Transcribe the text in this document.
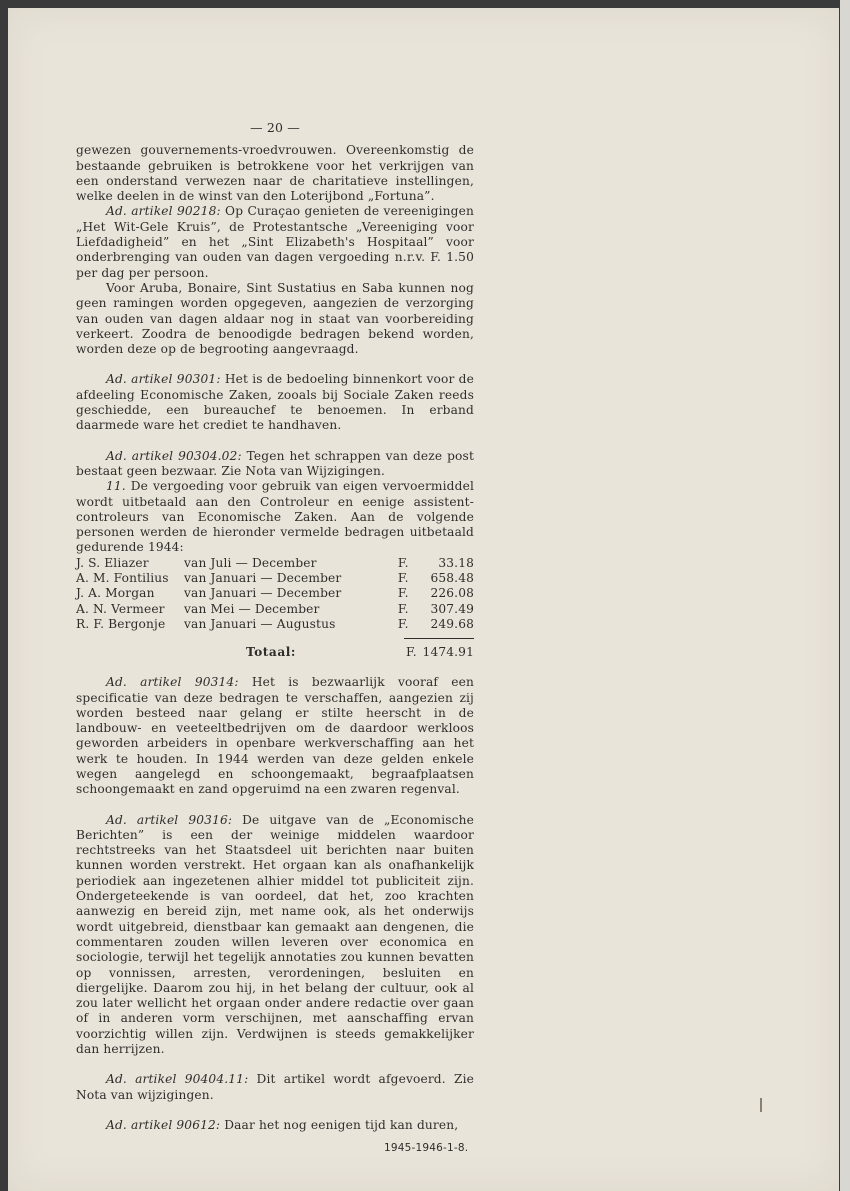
— 20 —

gewezen gouvernements-vroedvrouwen. Overeenkomstig de bestaande gebruiken is betrokkene voor het verkrijgen van een onderstand verwezen naar de charitatieve instellingen, welke deelen in de winst van den Loterijbond „Fortuna”.

Ad. artikel 90218: Op Curaçao genieten de vereenigingen „Het Wit-Gele Kruis”, de Protestantsche „Vereeniging voor Liefdadigheid” en het „Sint Elizabeth's Hospitaal” voor onderbrenging van ouden van dagen vergoeding n.r.v. F. 1.50 per dag per persoon.

Voor Aruba, Bonaire, Sint Sustatius en Saba kunnen nog geen ramingen worden opgegeven, aangezien de verzorging van ouden van dagen aldaar nog in staat van voorbereiding verkeert. Zoodra de benoodigde bedragen bekend worden, worden deze op de begrooting aangevraagd.

Ad. artikel 90301: Het is de bedoeling binnenkort voor de afdeeling Economische Zaken, zooals bij Sociale Zaken reeds geschiedde, een bureauchef te benoemen. In erband daarmede ware het crediet te handhaven.

Ad. artikel 90304.02: Tegen het schrappen van deze post bestaat geen bezwaar. Zie Nota van Wijzigingen.

11. De vergoeding voor gebruik van eigen vervoermiddel wordt uitbetaald aan den Controleur en eenige assistent-controleurs van Economische Zaken. Aan de volgende personen werden de hieronder vermelde bedragen uitbetaald gedurende 1944:

J. S. Eliazer	van Juli — December	F.	33.18
A. M. Fontilius	van Januari — December	F.	658.48
J. A. Morgan	van Januari — December	F.	226.08
A. N. Vermeer	van Mei — December	F.	307.49
R. F. Bergonje	van Januari — Augustus	F.	249.68
Totaal:	F. 1474.91

Ad. artikel 90314: Het is bezwaarlijk vooraf een specificatie van deze bedragen te verschaffen, aangezien zij worden besteed naar gelang er stilte heerscht in de landbouw- en veeteeltbedrijven om de daardoor werkloos geworden arbeiders in openbare werkverschaffing aan het werk te houden. In 1944 werden van deze gelden enkele wegen aangelegd en schoongemaakt, begraafplaatsen schoongemaakt en zand opgeruimd na een zwaren regenval.

Ad. artikel 90316: De uitgave van de „Economische Berichten” is een der weinige middelen waardoor rechtstreeks van het Staatsdeel uit berichten naar buiten kunnen worden verstrekt. Het orgaan kan als onafhankelijk periodiek aan ingezetenen alhier middel tot publiciteit zijn. Ondergeteekende is van oordeel, dat het, zoo krachten aanwezig en bereid zijn, met name ook, als het onderwijs wordt uitgebreid, dienstbaar kan gemaakt aan dengenen, die commentaren zouden willen leveren over economica en sociologie, terwijl het tegelijk annotaties zou kunnen bevatten op vonnissen, arresten, verordeningen, besluiten en diergelijke. Daarom zou hij, in het belang der cultuur, ook al zou later wellicht het orgaan onder andere redactie over gaan of in anderen vorm verschijnen, met aanschaffing ervan voorzichtig willen zijn. Verdwijnen is steeds gemakkelijker dan herrijzen.

Ad. artikel 90404.11: Dit artikel wordt afgevoerd. Zie Nota van wijzigingen.

Ad. artikel 90612: Daar het nog eenigen tijd kan duren,

1945-1946-1-8.
